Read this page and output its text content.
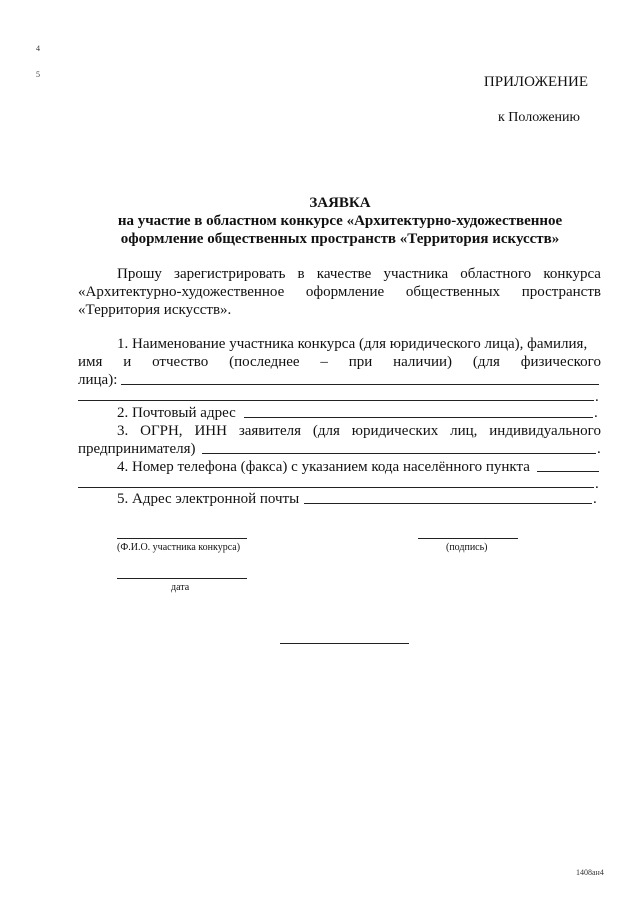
4
5	ПРИЛОЖЕНИЕ
к Положению
ЗАЯВКА
на участие в областном конкурсе «Архитектурно-художественное
оформление общественных пространств «Территория искусств»
Прошу зарегистрировать в качестве участника областного конкурса
«Архитектурно-художественное оформление общественных пространств
«Территория искусств».
1. Наименование участника конкурса (для юридического лица), фамилия,
имя и отчество (последнее – при наличии) (для физического
лица):
.
2. Почтовый адрес	.
3. ОГРН, ИНН заявителя (для юридических лиц, индивидуального
предпринимателя)	.
4. Номер телефона (факса) с указанием кода населённого пункта
.
5. Адрес электронной почты	.
(Ф.И.О. участника конкурса)	(подпись)
дата
1408ан4
